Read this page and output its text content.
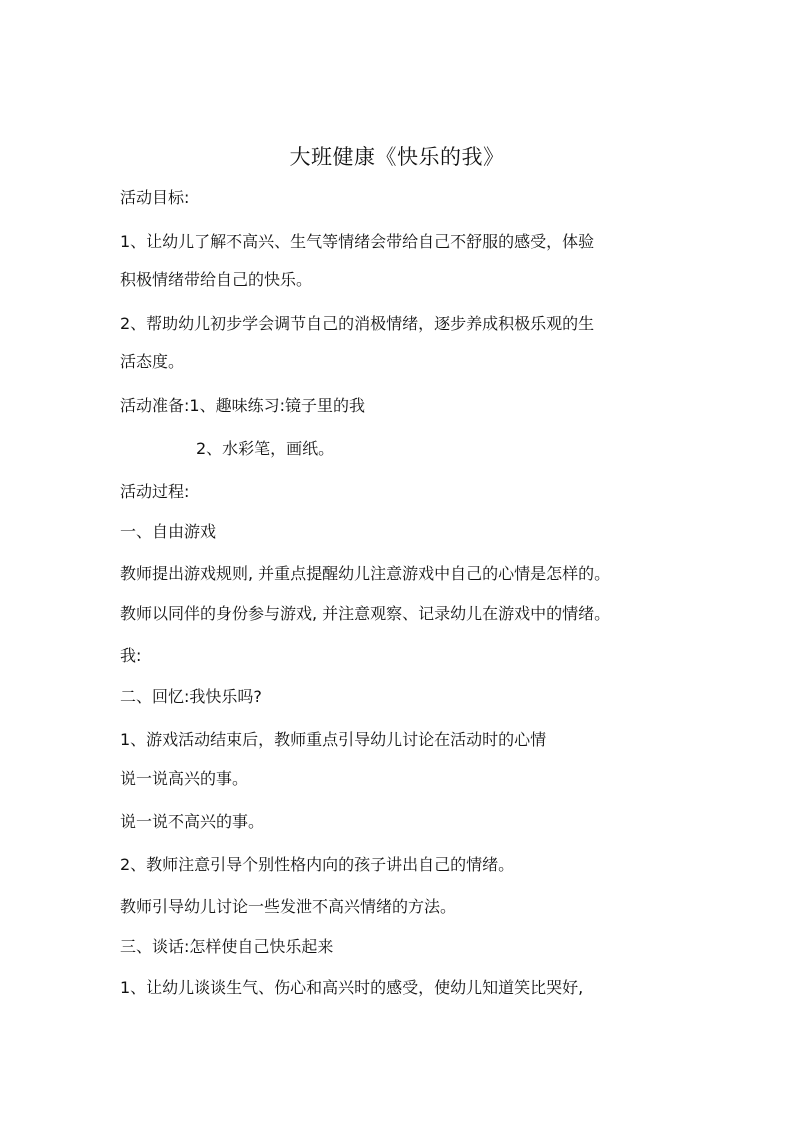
大班健康《快乐的我》
活动目标:
1、让幼儿了解不高兴、生气等情绪会带给自己不舒服的感受，体验
积极情绪带给自己的快乐。
2、帮助幼儿初步学会调节自己的消极情绪，逐步养成积极乐观的生
活态度。
活动准备:1、趣味练习:镜子里的我
2、水彩笔，画纸。
活动过程:
一、自由游戏
教师提出游戏规则, 并重点提醒幼儿注意游戏中自己的心情是怎样的。
教师以同伴的身份参与游戏, 并注意观察、记录幼儿在游戏中的情绪。
我:
二、回忆:我快乐吗?
1、游戏活动结束后，教师重点引导幼儿讨论在活动时的心情
说一说高兴的事。
说一说不高兴的事。
2、教师注意引导个别性格内向的孩子讲出自己的情绪。
教师引导幼儿讨论一些发泄不高兴情绪的方法。
三、谈话:怎样使自己快乐起来
1、让幼儿谈谈生气、伤心和高兴时的感受，使幼儿知道笑比哭好,
